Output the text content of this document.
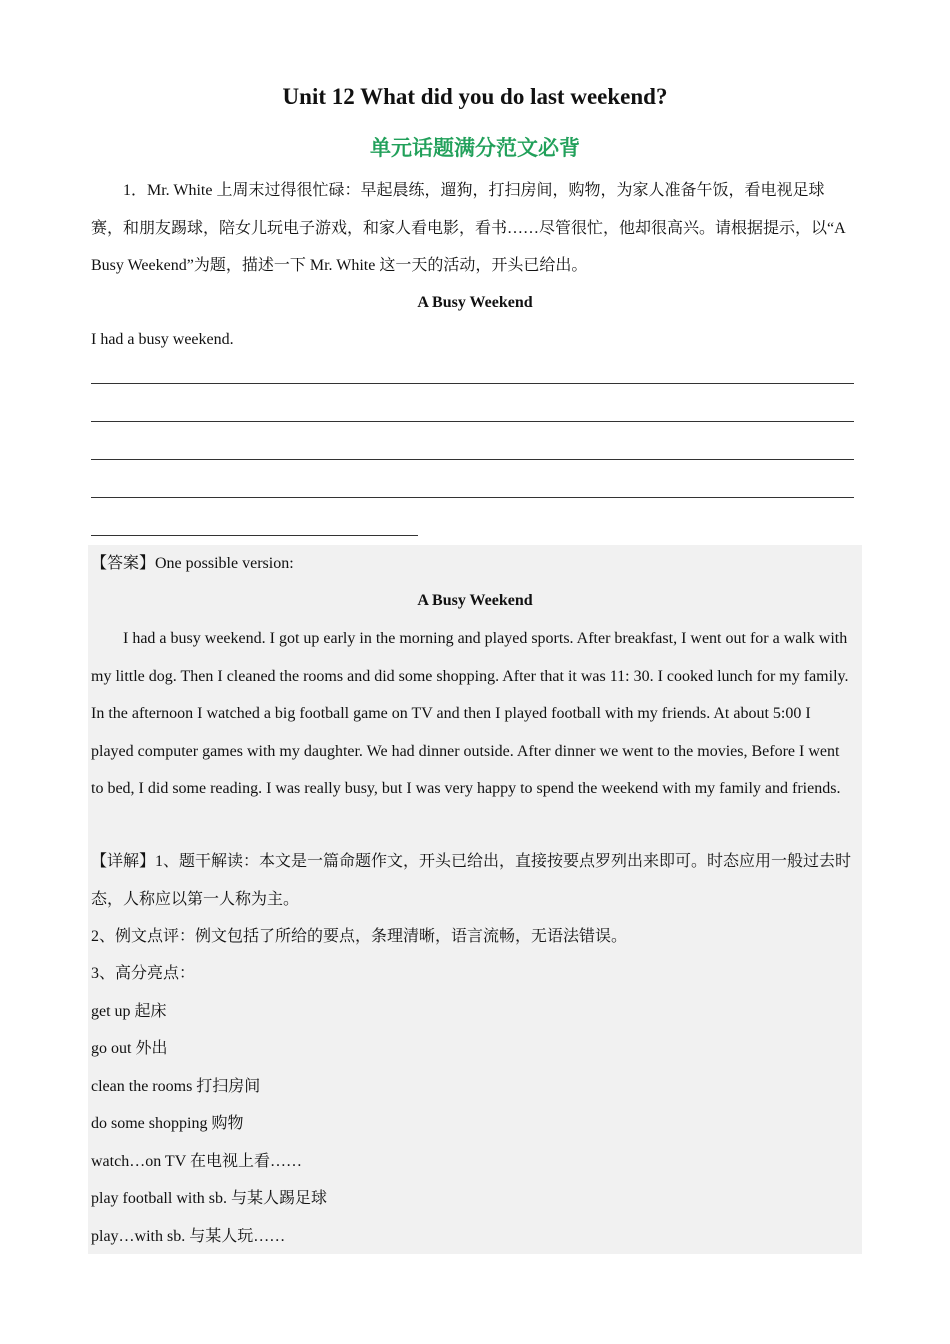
Unit 12 What did you do last weekend?
单元话题满分范文必背

1．Mr. White 上周末过得很忙碌：早起晨练，遛狗，打扫房间，购物，为家人准备午饭，看电视足球赛，和朋友踢球，陪女儿玩电子游戏，和家人看电影，看书……尽管很忙，他却很高兴。请根据提示，以“A Busy Weekend”为题，描述一下 Mr. White 这一天的活动，开头已给出。

A Busy Weekend

I had a busy weekend.

【答案】One possible version:

A Busy Weekend

I had a busy weekend. I got up early in the morning and played sports. After breakfast, I went out for a walk with my little dog. Then I cleaned the rooms and did some shopping. After that it was 11: 30. I cooked lunch for my family. In the afternoon I watched a big football game on TV and then I played football with my friends. At about 5:00 I played computer games with my daughter. We had dinner outside. After dinner we went to the movies, Before I went to bed, I did some reading. I was really busy, but I was very happy to spend the weekend with my family and friends.

【详解】1、题干解读：本文是一篇命题作文，开头已给出，直接按要点罗列出来即可。时态应用一般过去时态，人称应以第一人称为主。

2、例文点评：例文包括了所给的要点，条理清晰，语言流畅，无语法错误。

3、高分亮点：

get up 起床

go out 外出

clean the rooms 打扫房间

do some shopping 购物

watch…on TV 在电视上看……

play football with sb. 与某人踢足球

play…with sb. 与某人玩……
